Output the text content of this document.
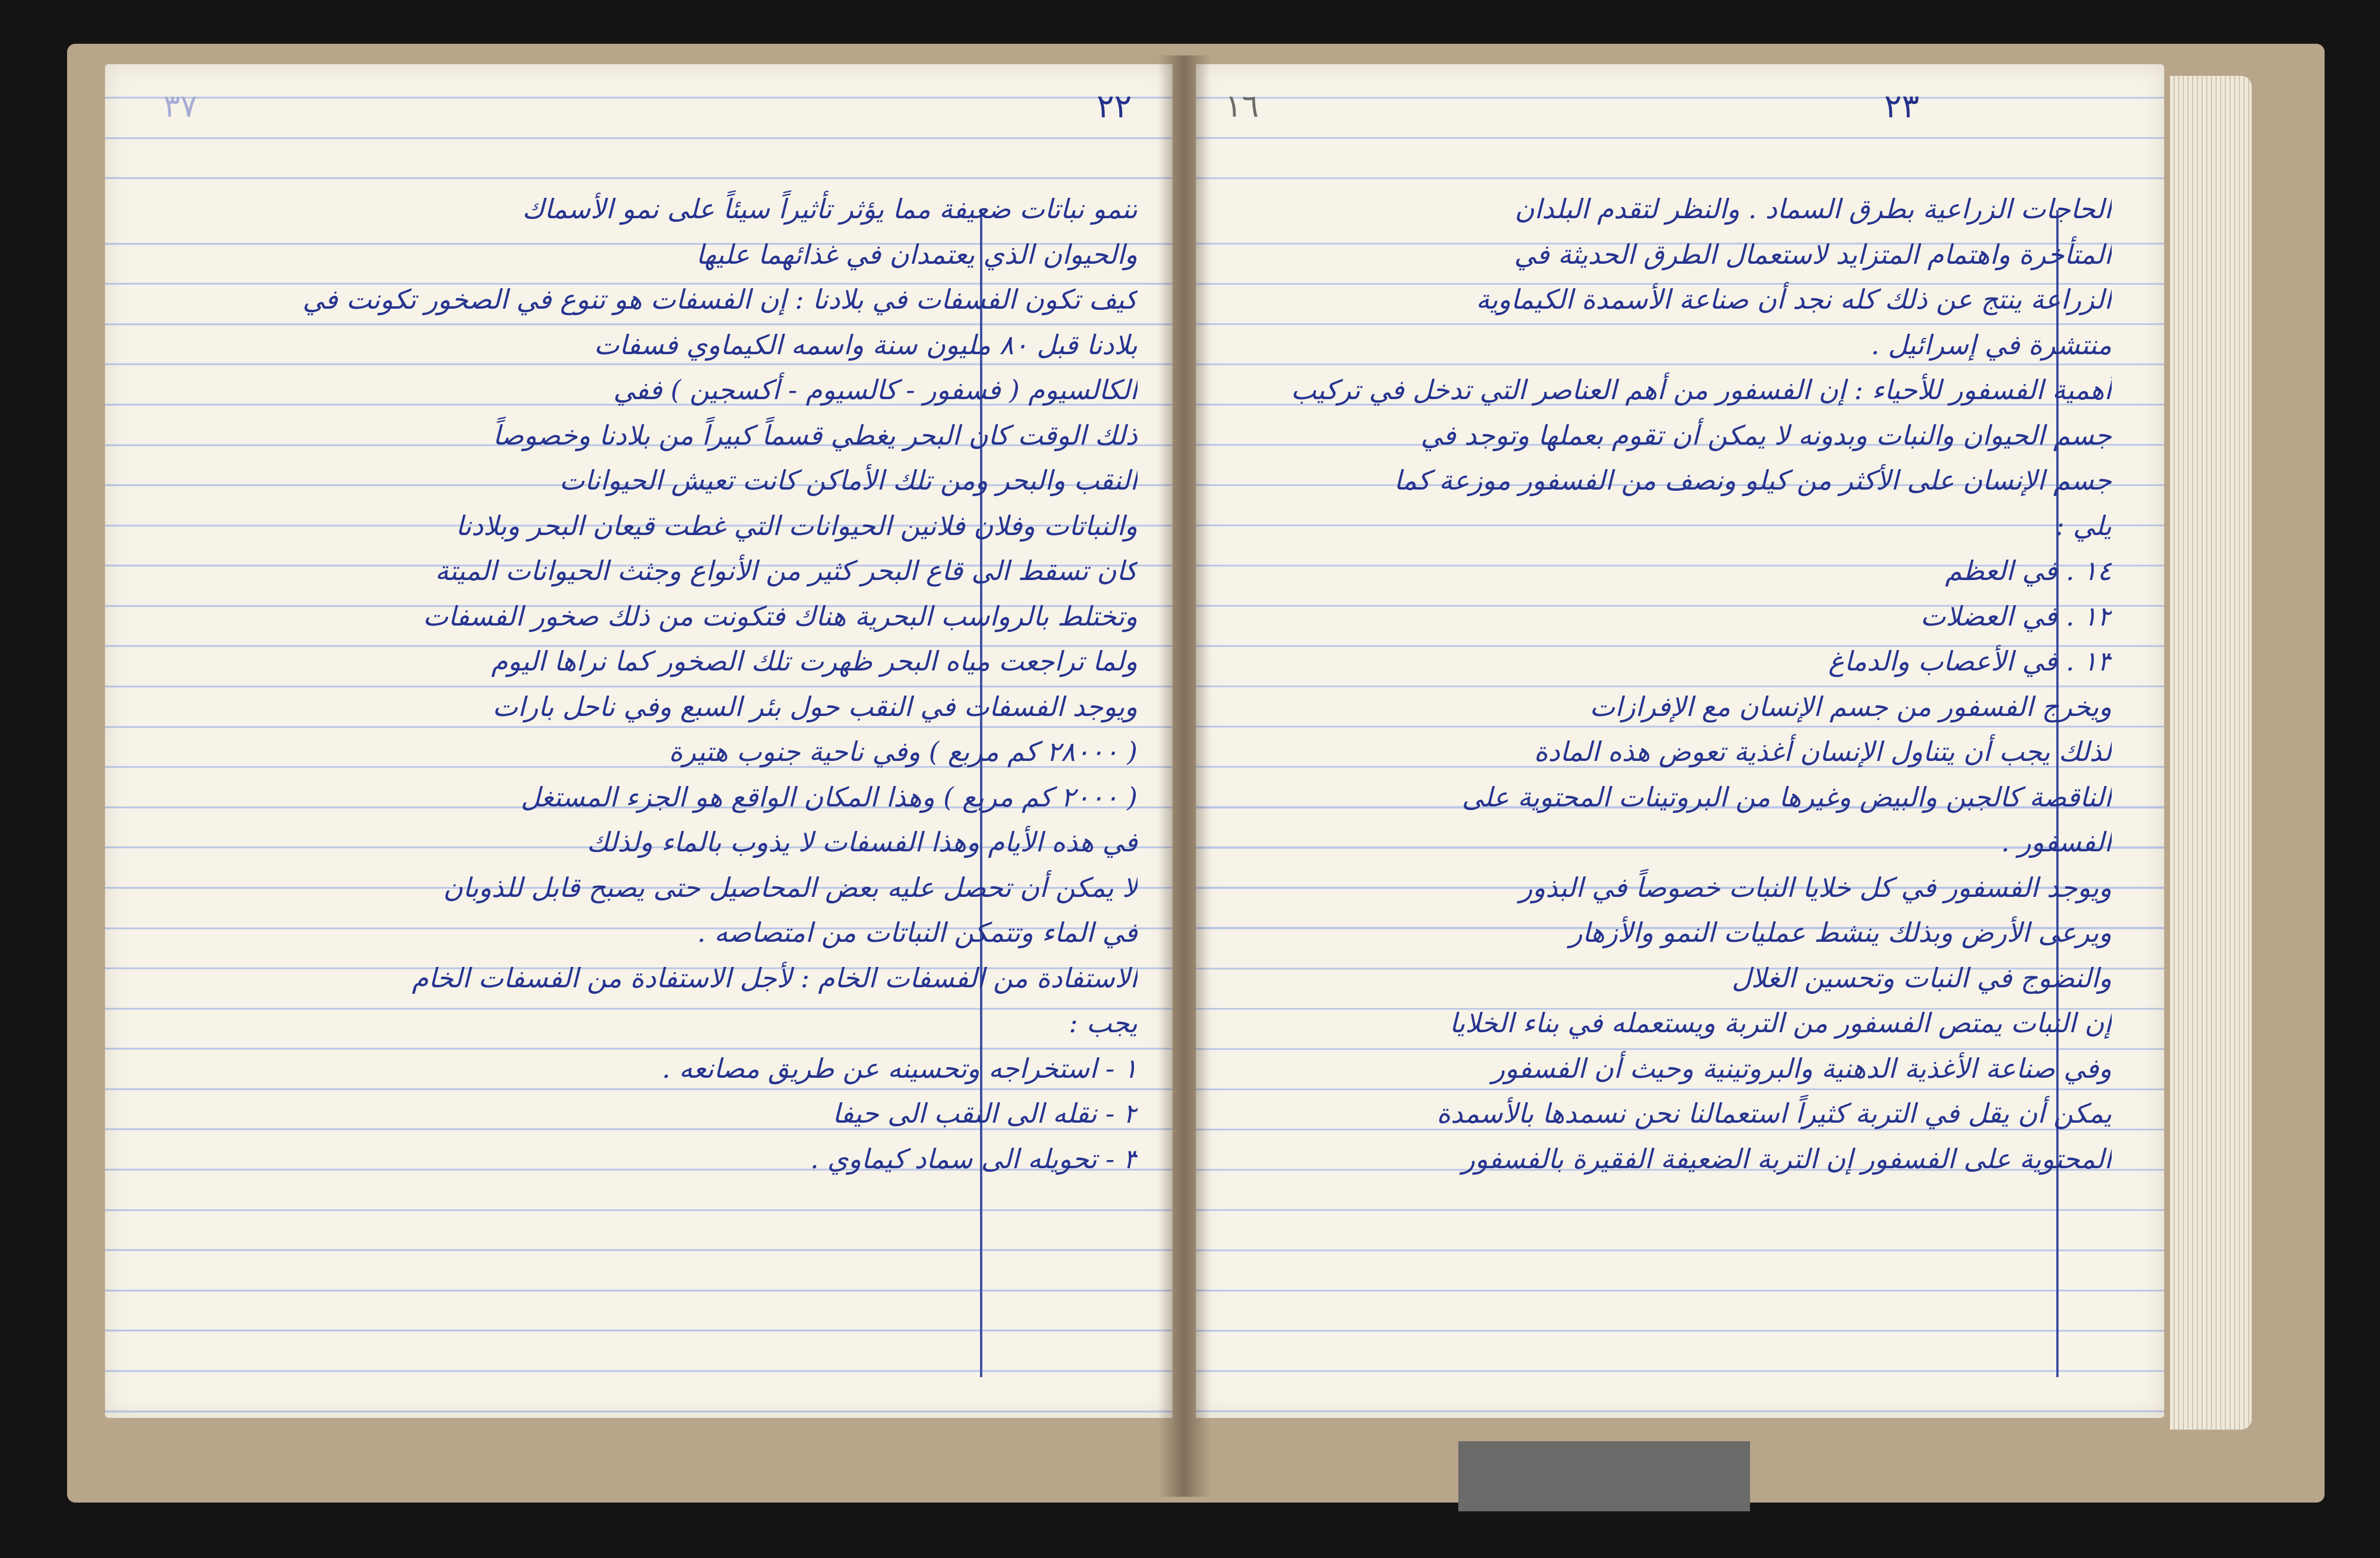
٢٢
٣٧
تنمو نباتات ضعيفة مما يؤثر تأثيراً سيئاً على نمو الأسماك
والحيوان الذي يعتمدان في غذائهما عليها
كيف تكون الفسفات في بلادنا : إن الفسفات هو تنوع في الصخور تكونت في
بلادنا قبل ٨٠ مليون سنة واسمه الكيماوي فسفات
الكالسيوم ( فسفور - كالسيوم - أكسجين ) ففي
ذلك الوقت كان البحر يغطي قسماً كبيراً من بلادنا وخصوصاً
النقب والبحر ومن تلك الأماكن كانت تعيش الحيوانات
والنباتات وفلان فلانين الحيوانات التي غطت قيعان البحر وبلادنا
كان تسقط الى قاع البحر كثير من الأنواع وجثث الحيوانات الميتة
وتختلط بالرواسب البحرية هناك فتكونت من ذلك صخور الفسفات
ولما تراجعت مياه البحر ظهرت تلك الصخور كما نراها اليوم
ويوجد الفسفات في النقب حول بئر السبع وفي ناحل بارات
( ٢٨٠٠٠ كم مربع ) وفي ناحية جنوب هتيرة
( ٢٠٠٠ كم مربع ) وهذا المكان الواقع هو الجزء المستغل
في هذه الأيام وهذا الفسفات لا يذوب بالماء ولذلك
لا يمكن أن تحصل عليه بعض المحاصيل حتى يصبح قابل للذوبان
في الماء وتتمكن النباتات من امتصاصه .
الاستفادة من الفسفات الخام : لأجل الاستفادة من الفسفات الخام
يجب :
١ - استخراجه وتحسينه عن طريق مصانعه .
٢ - نقله الى النقب الى حيفا
٣ - تحويله الى سماد كيماوي .
٢٣
١٦
الحاجات الزراعية بطرق السماد . والنظر لتقدم البلدان
المتأخرة واهتمام المتزايد لاستعمال الطرق الحديثة في
الزراعة ينتج عن ذلك كله نجد أن صناعة الأسمدة الكيماوية
منتشرة في إسرائيل .
أهمية الفسفور للأحياء : إن الفسفور من أهم العناصر التي تدخل في تركيب
جسم الحيوان والنبات وبدونه لا يمكن أن تقوم بعملها وتوجد في
جسم الإنسان على الأكثر من كيلو ونصف من الفسفور موزعة كما
يلي :
١٤ . في العظم
١٢ . في العضلات
١٣ . في الأعصاب والدماغ
ويخرج الفسفور من جسم الإنسان مع الإفرازات
لذلك يجب أن يتناول الإنسان أغذية تعوض هذه المادة
الناقصة كالجبن والبيض وغيرها من البروتينات المحتوية على
الفسفور .
ويوجد الفسفور في كل خلايا النبات خصوصاً في البذور
ويرعى الأرض وبذلك ينشط عمليات النمو والأزهار
والنضوج في النبات وتحسين الغلال
إن النبات يمتص الفسفور من التربة ويستعمله في بناء الخلايا
وفي صناعة الأغذية الدهنية والبروتينية وحيث أن الفسفور
يمكن أن يقل في التربة كثيراً استعمالنا نحن نسمدها بالأسمدة
المحتوية على الفسفور إن التربة الضعيفة الفقيرة بالفسفور
